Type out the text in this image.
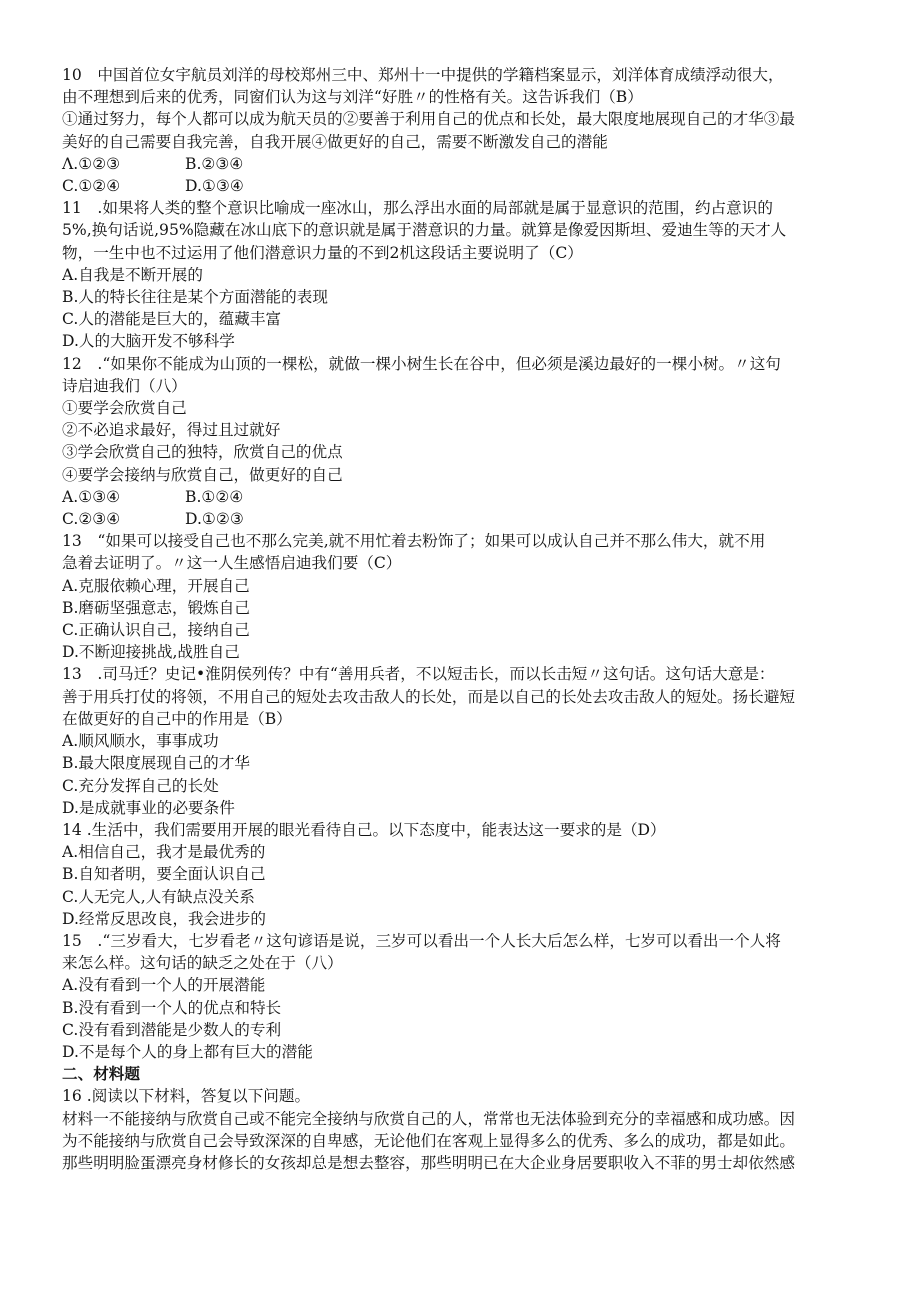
10　中国首位女宇航员刘洋的母校郑州三中、郑州十一中提供的学籍档案显示，刘洋体育成绩浮动很大，
由不理想到后来的优秀，同窗们认为这与刘洋“好胜〃的性格有关。这告诉我们（B）
①通过努力，每个人都可以成为航天员的②要善于利用自己的优点和长处，最大限度地展现自己的才华③最
美好的自己需要自我完善，自我开展④做更好的自己，需要不断激发自己的潜能
Λ.①②③	B.②③④
C.①②④	D.①③④
11　.如果将人类的整个意识比喻成一座冰山，那么浮出水面的局部就是属于显意识的范围，约占意识的
5%,换句话说,95%隐藏在冰山底下的意识就是属于潜意识的力量。就算是像爱因斯坦、爱迪生等的天才人
物，一生中也不过运用了他们潜意识力量的不到2机这段话主要说明了（C）
A.自我是不断开展的
B.人的特长往往是某个方面潜能的表现
C.人的潜能是巨大的，蕴藏丰富
D.人的大脑开发不够科学
12　.“如果你不能成为山顶的一棵松，就做一棵小树生长在谷中，但必须是溪边最好的一棵小树。〃这句
诗启迪我们（八）
①要学会欣赏自己
②不必追求最好，得过且过就好
③学会欣赏自己的独特，欣赏自己的优点
④要学会接纳与欣赏自己，做更好的自己
A.①③④	B.①②④
C.②③④	D.①②③
13　“如果可以接受自己也不那么完美,就不用忙着去粉饰了；如果可以成认自己并不那么伟大，就不用
急着去证明了。〃这一人生感悟启迪我们要（C）
A.克服依赖心理，开展自己
B.磨砺坚强意志，锻炼自己
C.正确认识自己，接纳自己
D.不断迎接挑战,战胜自己
13　.司马迁？史记•淮阴侯列传？中有“善用兵者，不以短击长，而以长击短〃这句话。这句话大意是：
善于用兵打仗的将领，不用自己的短处去攻击敌人的长处，而是以自己的长处去攻击敌人的短处。扬长避短
在做更好的自己中的作用是（B）
A.顺风顺水，事事成功
B.最大限度展现自己的才华
C.充分发挥自己的长处
D.是成就事业的必要条件
14 .生活中，我们需要用开展的眼光看待自己。以下态度中，能表达这一要求的是（D）
A.相信自己，我才是最优秀的
B.自知者明，要全面认识自己
C.人无完人,人有缺点没关系
D.经常反思改良，我会进步的
15　.“三岁看大，七岁看老〃这句谚语是说，三岁可以看出一个人长大后怎么样，七岁可以看出一个人将
来怎么样。这句话的缺乏之处在于（八）
A.没有看到一个人的开展潜能
B.没有看到一个人的优点和特长
C.没有看到潜能是少数人的专利
D.不是每个人的身上都有巨大的潜能
二、材料题
16 .阅读以下材料，答复以下问题。
材料一不能接纳与欣赏自己或不能完全接纳与欣赏自己的人，常常也无法体验到充分的幸福感和成功感。因
为不能接纳与欣赏自己会导致深深的自卑感，无论他们在客观上显得多么的优秀、多么的成功，都是如此。
那些明明脸蛋漂亮身材修长的女孩却总是想去整容，那些明明已在大企业身居要职收入不菲的男士却依然感
